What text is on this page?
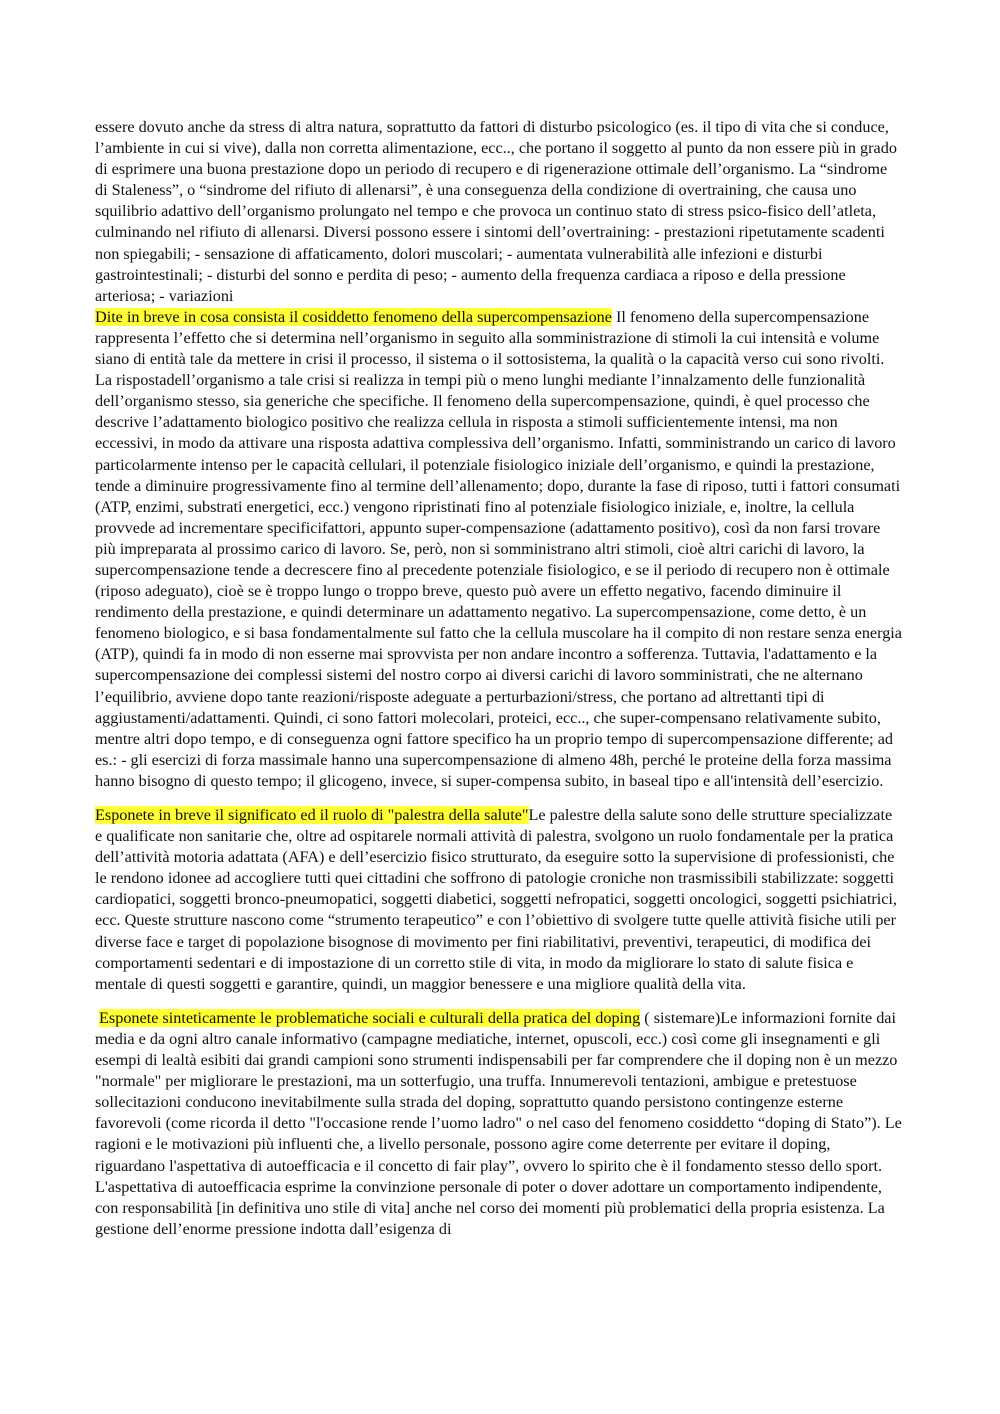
essere dovuto anche da stress di altra natura, soprattutto da fattori di disturbo psicologico (es. il tipo di vita che si conduce, l’ambiente in cui si vive), dalla non corretta alimentazione, ecc.., che portano il soggetto al punto da non essere più in grado di esprimere una buona prestazione dopo un periodo di recupero e di rigenerazione ottimale dell’organismo. La “sindrome di Staleness”, o “sindrome del rifiuto di allenarsi”, è una conseguenza della condizione di overtraining, che causa uno squilibrio adattivo dell’organismo prolungato nel tempo e che provoca un continuo stato di stress psico-fisico dell’atleta, culminando nel rifiuto di allenarsi. Diversi possono essere i sintomi dell’overtraining: - prestazioni ripetutamente scadenti non spiegabili; - sensazione di affaticamento, dolori muscolari; - aumentata vulnerabilità alle infezioni e disturbi gastrointestinali; - disturbi del sonno e perdita di peso; - aumento della frequenza cardiaca a riposo e della pressione arteriosa; - variazioni

Dite in breve in cosa consista il cosiddetto fenomeno della supercompensazione Il fenomeno della supercompensazione rappresenta l’effetto che si determina nell’organismo in seguito alla somministrazione di stimoli la cui intensità e volume siano di entità tale da mettere in crisi il processo, il sistema o il sottosistema, la qualità o la capacità verso cui sono rivolti. La rispostadell’organismo a tale crisi si realizza in tempi più o meno lunghi mediante l’innalzamento delle funzionalità dell’organismo stesso, sia generiche che specifiche. Il fenomeno della supercompensazione, quindi, è quel processo che descrive l’adattamento biologico positivo che realizza cellula in risposta a stimoli sufficientemente intensi, ma non eccessivi, in modo da attivare una risposta adattiva complessiva dell’organismo. Infatti, somministrando un carico di lavoro particolarmente intenso per le capacità cellulari, il potenziale fisiologico iniziale dell’organismo, e quindi la prestazione, tende a diminuire progressivamente fino al termine dell’allenamento; dopo, durante la fase di riposo, tutti i fattori consumati (ATP, enzimi, substrati energetici, ecc.) vengono ripristinati fino al potenziale fisiologico iniziale, e, inoltre, la cellula provvede ad incrementare specificifattori, appunto super-compensazione (adattamento positivo), così da non farsi trovare più impreparata al prossimo carico di lavoro. Se, però, non si somministrano altri stimoli, cioè altri carichi di lavoro, la supercompensazione tende a decrescere fino al precedente potenziale fisiologico, e se il periodo di recupero non è ottimale (riposo adeguato), cioè se è troppo lungo o troppo breve, questo può avere un effetto negativo, facendo diminuire il rendimento della prestazione, e quindi determinare un adattamento negativo. La supercompensazione, come detto, è un fenomeno biologico, e si basa fondamentalmente sul fatto che la cellula muscolare ha il compito di non restare senza energia (ATP), quindi fa in modo di non esserne mai sprovvista per non andare incontro a sofferenza. Tuttavia, l'adattamento e la supercompensazione dei complessi sistemi del nostro corpo ai diversi carichi di lavoro somministrati, che ne alternano l’equilibrio, avviene dopo tante reazioni/risposte adeguate a perturbazioni/stress, che portano ad altrettanti tipi di aggiustamenti/adattamenti. Quindi, ci sono fattori molecolari, proteici, ecc.., che super-compensano relativamente subito, mentre altri dopo tempo, e di conseguenza ogni fattore specifico ha un proprio tempo di supercompensazione differente; ad es.: - gli esercizi di forza massimale hanno una supercompensazione di almeno 48h, perché le proteine della forza massima hanno bisogno di questo tempo; il glicogeno, invece, si super-compensa subito, in baseal tipo e all'intensità dell’esercizio.

Esponete in breve il significato ed il ruolo di "palestra della salute"Le palestre della salute sono delle strutture specializzate e qualificate non sanitarie che, oltre ad ospitarele normali attività di palestra, svolgono un ruolo fondamentale per la pratica dell’attività motoria adattata (AFA) e dell’esercizio fisico strutturato, da eseguire sotto la supervisione di professionisti, che le rendono idonee ad accogliere tutti quei cittadini che soffrono di patologie croniche non trasmissibili stabilizzate: soggetti cardiopatici, soggetti bronco-pneumopatici, soggetti diabetici, soggetti nefropatici, soggetti oncologici, soggetti psichiatrici, ecc. Queste strutture nascono come “strumento terapeutico” e con l’obiettivo di svolgere tutte quelle attività fisiche utili per diverse face e target di popolazione bisognose di movimento per fini riabilitativi, preventivi, terapeutici, di modifica dei comportamenti sedentari e di impostazione di un corretto stile di vita, in modo da migliorare lo stato di salute fisica e mentale di questi soggetti e garantire, quindi, un maggior benessere e una migliore qualità della vita.

Esponete sinteticamente le problematiche sociali e culturali della pratica del doping ( sistemare)Le informazioni fornite dai media e da ogni altro canale informativo (campagne mediatiche, internet, opuscoli, ecc.) così come gli insegnamenti e gli esempi di lealtà esibiti dai grandi campioni sono strumenti indispensabili per far comprendere che il doping non è un mezzo "normale" per migliorare le prestazioni, ma un sotterfugio, una truffa. Innumerevoli tentazioni, ambigue e pretestuose sollecitazioni conducono inevitabilmente sulla strada del doping, soprattutto quando persistono contingenze esterne favorevoli (come ricorda il detto "l'occasione rende l’uomo ladro" o nel caso del fenomeno cosiddetto “doping di Stato”). Le ragioni e le motivazioni più influenti che, a livello personale, possono agire come deterrente per evitare il doping, riguardano l'aspettativa di autoefficacia e il concetto di fair play”, ovvero lo spirito che è il fondamento stesso dello sport. L'aspettativa di autoefficacia esprime la convinzione personale di poter o dover adottare un comportamento indipendente, con responsabilità [in definitiva uno stile di vita] anche nel corso dei momenti più problematici della propria esistenza. La gestione dell’enorme pressione indotta dall’esigenza di
